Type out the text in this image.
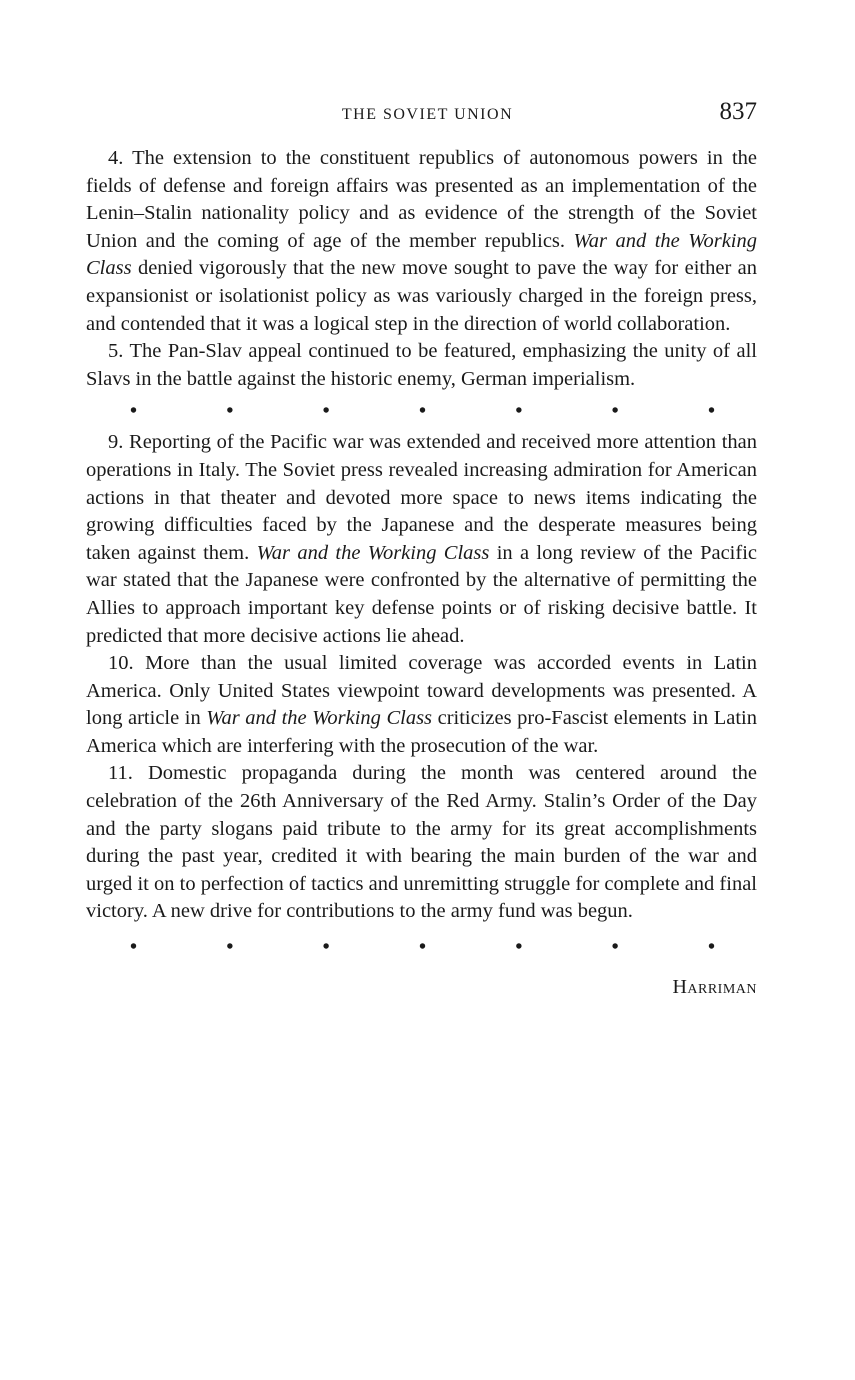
THE SOVIET UNION	837

4. The extension to the constituent republics of autonomous powers in the fields of defense and foreign affairs was presented as an implementation of the Lenin–Stalin nationality policy and as evidence of the strength of the Soviet Union and the coming of age of the member republics. War and the Working Class denied vigorously that the new move sought to pave the way for either an expansionist or isolationist policy as was variously charged in the foreign press, and contended that it was a logical step in the direction of world collaboration.

5. The Pan-Slav appeal continued to be featured, emphasizing the unity of all Slavs in the battle against the historic enemy, German imperialism.

•	•	•	•	•	•	•

9. Reporting of the Pacific war was extended and received more attention than operations in Italy. The Soviet press revealed increasing admiration for American actions in that theater and devoted more space to news items indicating the growing difficulties faced by the Japanese and the desperate measures being taken against them. War and the Working Class in a long review of the Pacific war stated that the Japanese were confronted by the alternative of permitting the Allies to approach important key defense points or of risking decisive battle. It predicted that more decisive actions lie ahead.

10. More than the usual limited coverage was accorded events in Latin America. Only United States viewpoint toward developments was presented. A long article in War and the Working Class criticizes pro-Fascist elements in Latin America which are interfering with the prosecution of the war.

11. Domestic propaganda during the month was centered around the celebration of the 26th Anniversary of the Red Army. Stalin’s Order of the Day and the party slogans paid tribute to the army for its great accomplishments during the past year, credited it with bearing the main burden of the war and urged it on to perfection of tactics and unremitting struggle for complete and final victory. A new drive for contributions to the army fund was begun.

•	•	•	•	•	•	•
Harriman
